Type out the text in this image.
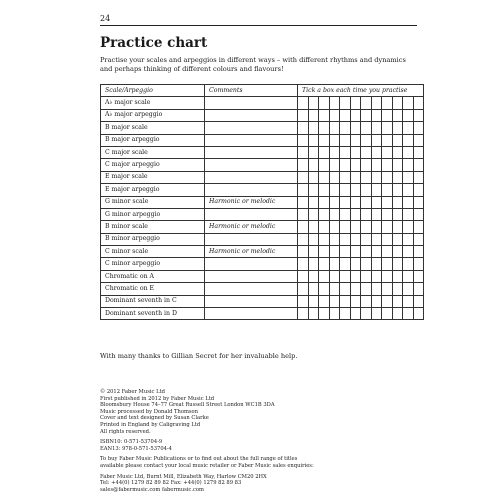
24
Practice chart

Practise your scales and arpeggios in different ways – with different rhythms and dynamics and perhaps thinking of different colours and flavours!

Scale/Arpeggio	Comments	Tick a box each time you practise											
A♭ major scale													
A♭ major arpeggio													
B major scale													
B major arpeggio													
C major scale													
C major arpeggio													
E major scale													
E major arpeggio													
G minor scale	Harmonic or melodic												
G minor arpeggio													
B minor scale	Harmonic or melodic												
B minor arpeggio													
C minor scale	Harmonic or melodic												
C minor arpeggio													
Chromatic on A													
Chromatic on E													
Dominant seventh in C													
Dominant seventh in D													
With many thanks to Gillian Secret for her invaluable help.

© 2012 Faber Music Ltd
First published in 2012 by Faber Music Ltd
Bloomsbury House 74–77 Great Russell Street London WC1B 3DA
Music processed by Donald Thomson
Cover and text designed by Susan Clarke
Printed in England by Caligraving Ltd
All rights reserved.

ISBN10: 0-571-53704-9
EAN13: 978-0-571-53704-4

To buy Faber Music Publications or to find out about the full range of titles
available please contact your local music retailer or Faber Music sales enquiries:

Faber Music Ltd, Burnt Mill, Elizabeth Way, Harlow CM20 2HX
Tel: +44(0) 1279 82 89 82 Fax: +44(0) 1279 82 89 83
sales@fabermusic.com fabermusic.com
